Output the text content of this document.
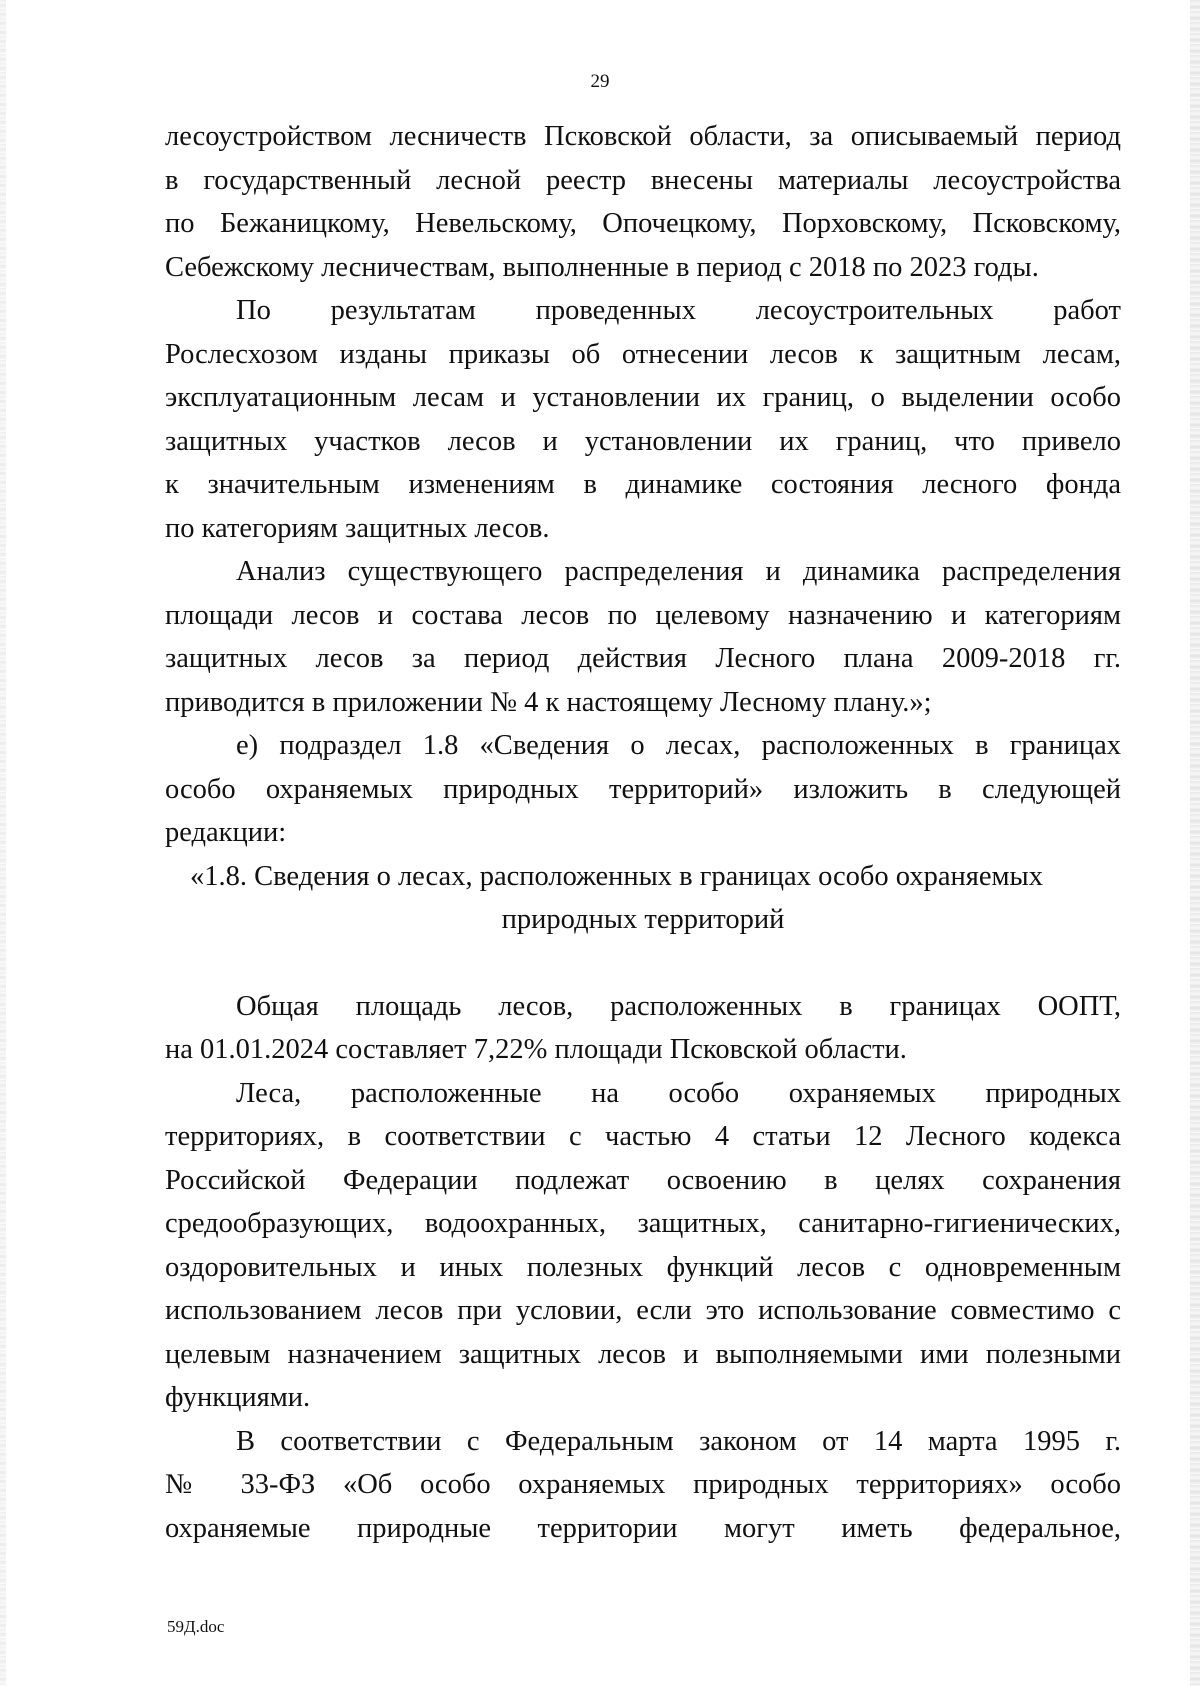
29
лесоустройством лесничеств Псковской области, за описываемый период
в государственный лесной реестр внесены материалы лесоустройства
по Бежаницкому, Невельскому, Опочецкому, Порховскому, Псковскому,
Себежскому лесничествам, выполненные в период с 2018 по 2023 годы.
По результатам проведенных лесоустроительных работ
Рослесхозом изданы приказы об отнесении лесов к защитным лесам,
эксплуатационным лесам и установлении их границ, о выделении особо
защитных участков лесов и установлении их границ, что привело
к значительным изменениям в динамике состояния лесного фонда
по категориям защитных лесов.
Анализ существующего распределения и динамика распределения
площади лесов и состава лесов по целевому назначению и категориям
защитных лесов за период действия Лесного плана 2009-2018 гг.
приводится в приложении № 4 к настоящему Лесному плану.»;
е) подраздел 1.8 «Сведения о лесах, расположенных в границах
особо охраняемых природных территорий» изложить в следующей
редакции:
«1.8. Сведения о лесах, расположенных в границах особо охраняемых
природных территорий
Общая площадь лесов, расположенных в границах ООПТ,
на 01.01.2024 составляет 7,22% площади Псковской области.
Леса, расположенные на особо охраняемых природных
территориях, в соответствии с частью 4 статьи 12 Лесного кодекса
Российской Федерации подлежат освоению в целях сохранения
средообразующих, водоохранных, защитных, санитарно-гигиенических,
оздоровительных и иных полезных функций лесов с одновременным
использованием лесов при условии, если это использование совместимо с
целевым назначением защитных лесов и выполняемыми ими полезными
функциями.
В соответствии с Федеральным законом от 14 марта 1995 г.
№ 33-ФЗ «Об особо охраняемых природных территориях» особо
охраняемые природные территории могут иметь федеральное,
59Д.doc
